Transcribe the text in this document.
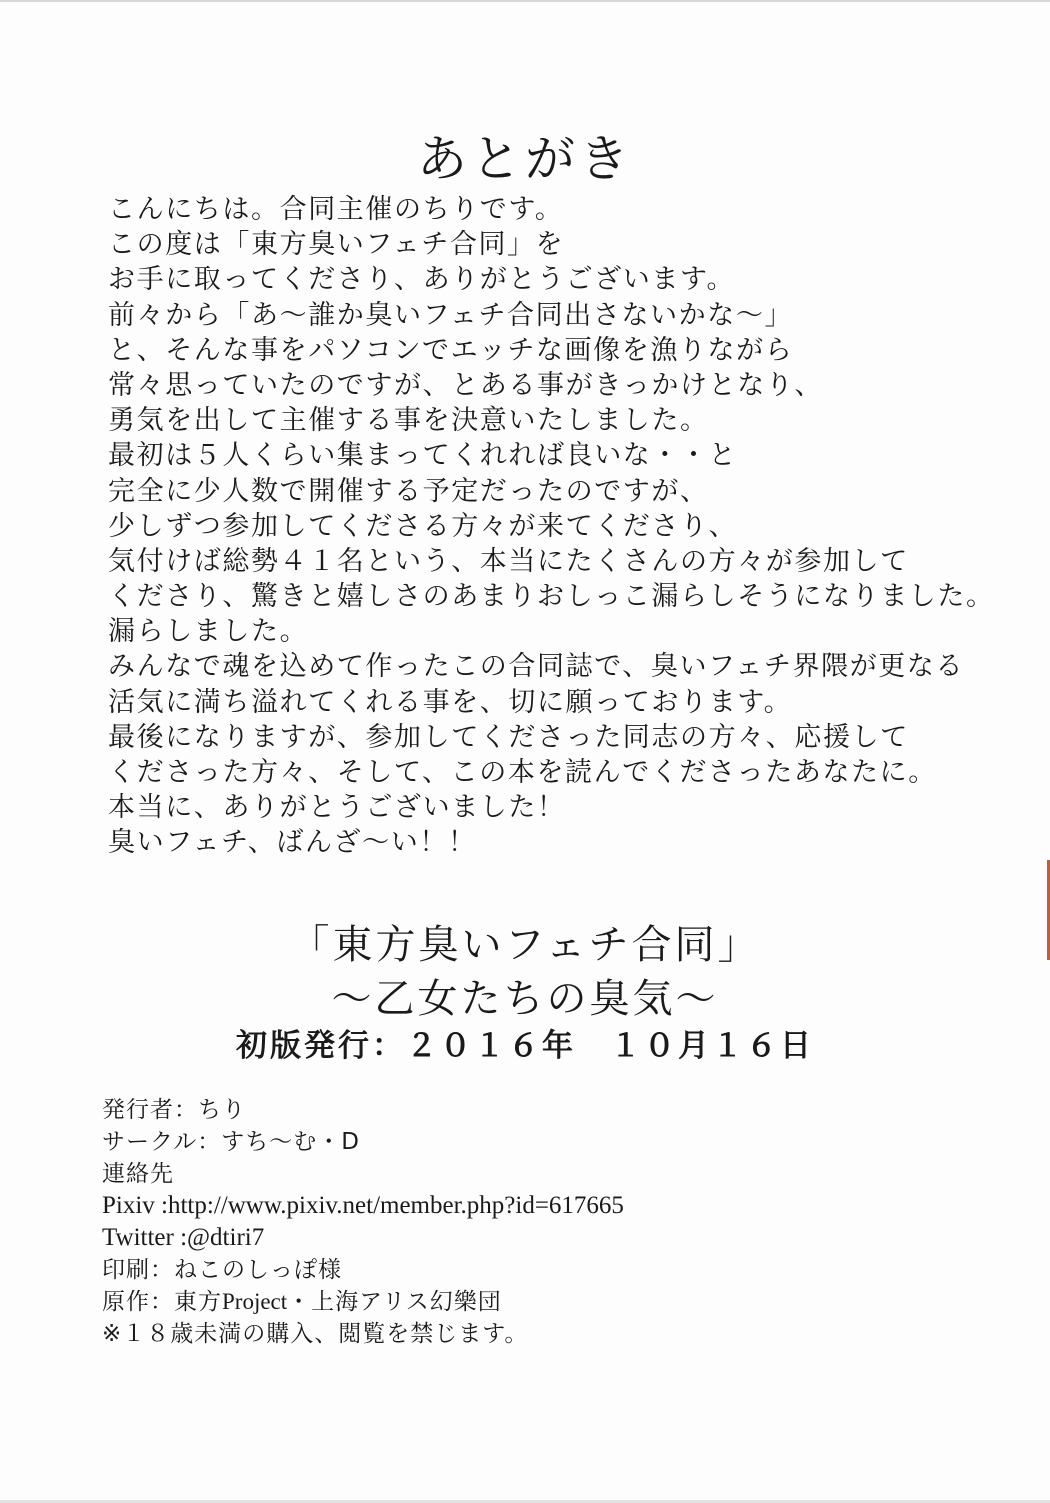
あとがき
こんにちは。合同主催のちりです。
この度は「東方臭いフェチ合同」を
お手に取ってくださり、ありがとうございます。
前々から「あ～誰か臭いフェチ合同出さないかな～」
と、そんな事をパソコンでエッチな画像を漁りながら
常々思っていたのですが、とある事がきっかけとなり、
勇気を出して主催する事を決意いたしました。
最初は５人くらい集まってくれれば良いな・・と
完全に少人数で開催する予定だったのですが、
少しずつ参加してくださる方々が来てくださり、
気付けば総勢４１名という、本当にたくさんの方々が参加して
くださり、驚きと嬉しさのあまりおしっこ漏らしそうになりました。
漏らしました。
みんなで魂を込めて作ったこの合同誌で、臭いフェチ界隈が更なる
活気に満ち溢れてくれる事を、切に願っております。
最後になりますが、参加してくださった同志の方々、応援して
くださった方々、そして、この本を読んでくださったあなたに。
本当に、ありがとうございました！
臭いフェチ、ばんざ～い！！
「東方臭いフェチ合同」
～乙女たちの臭気～
初版発行：２０１６年　１０月１６日
発行者：ちり
サークル：すち～む・D
連絡先
Pixiv :http://www.pixiv.net/member.php?id=617665
Twitter :@dtiri7
印刷：ねこのしっぽ様
原作：東方Project・上海アリス幻樂団
※１８歳未満の購入、閲覧を禁じます。
